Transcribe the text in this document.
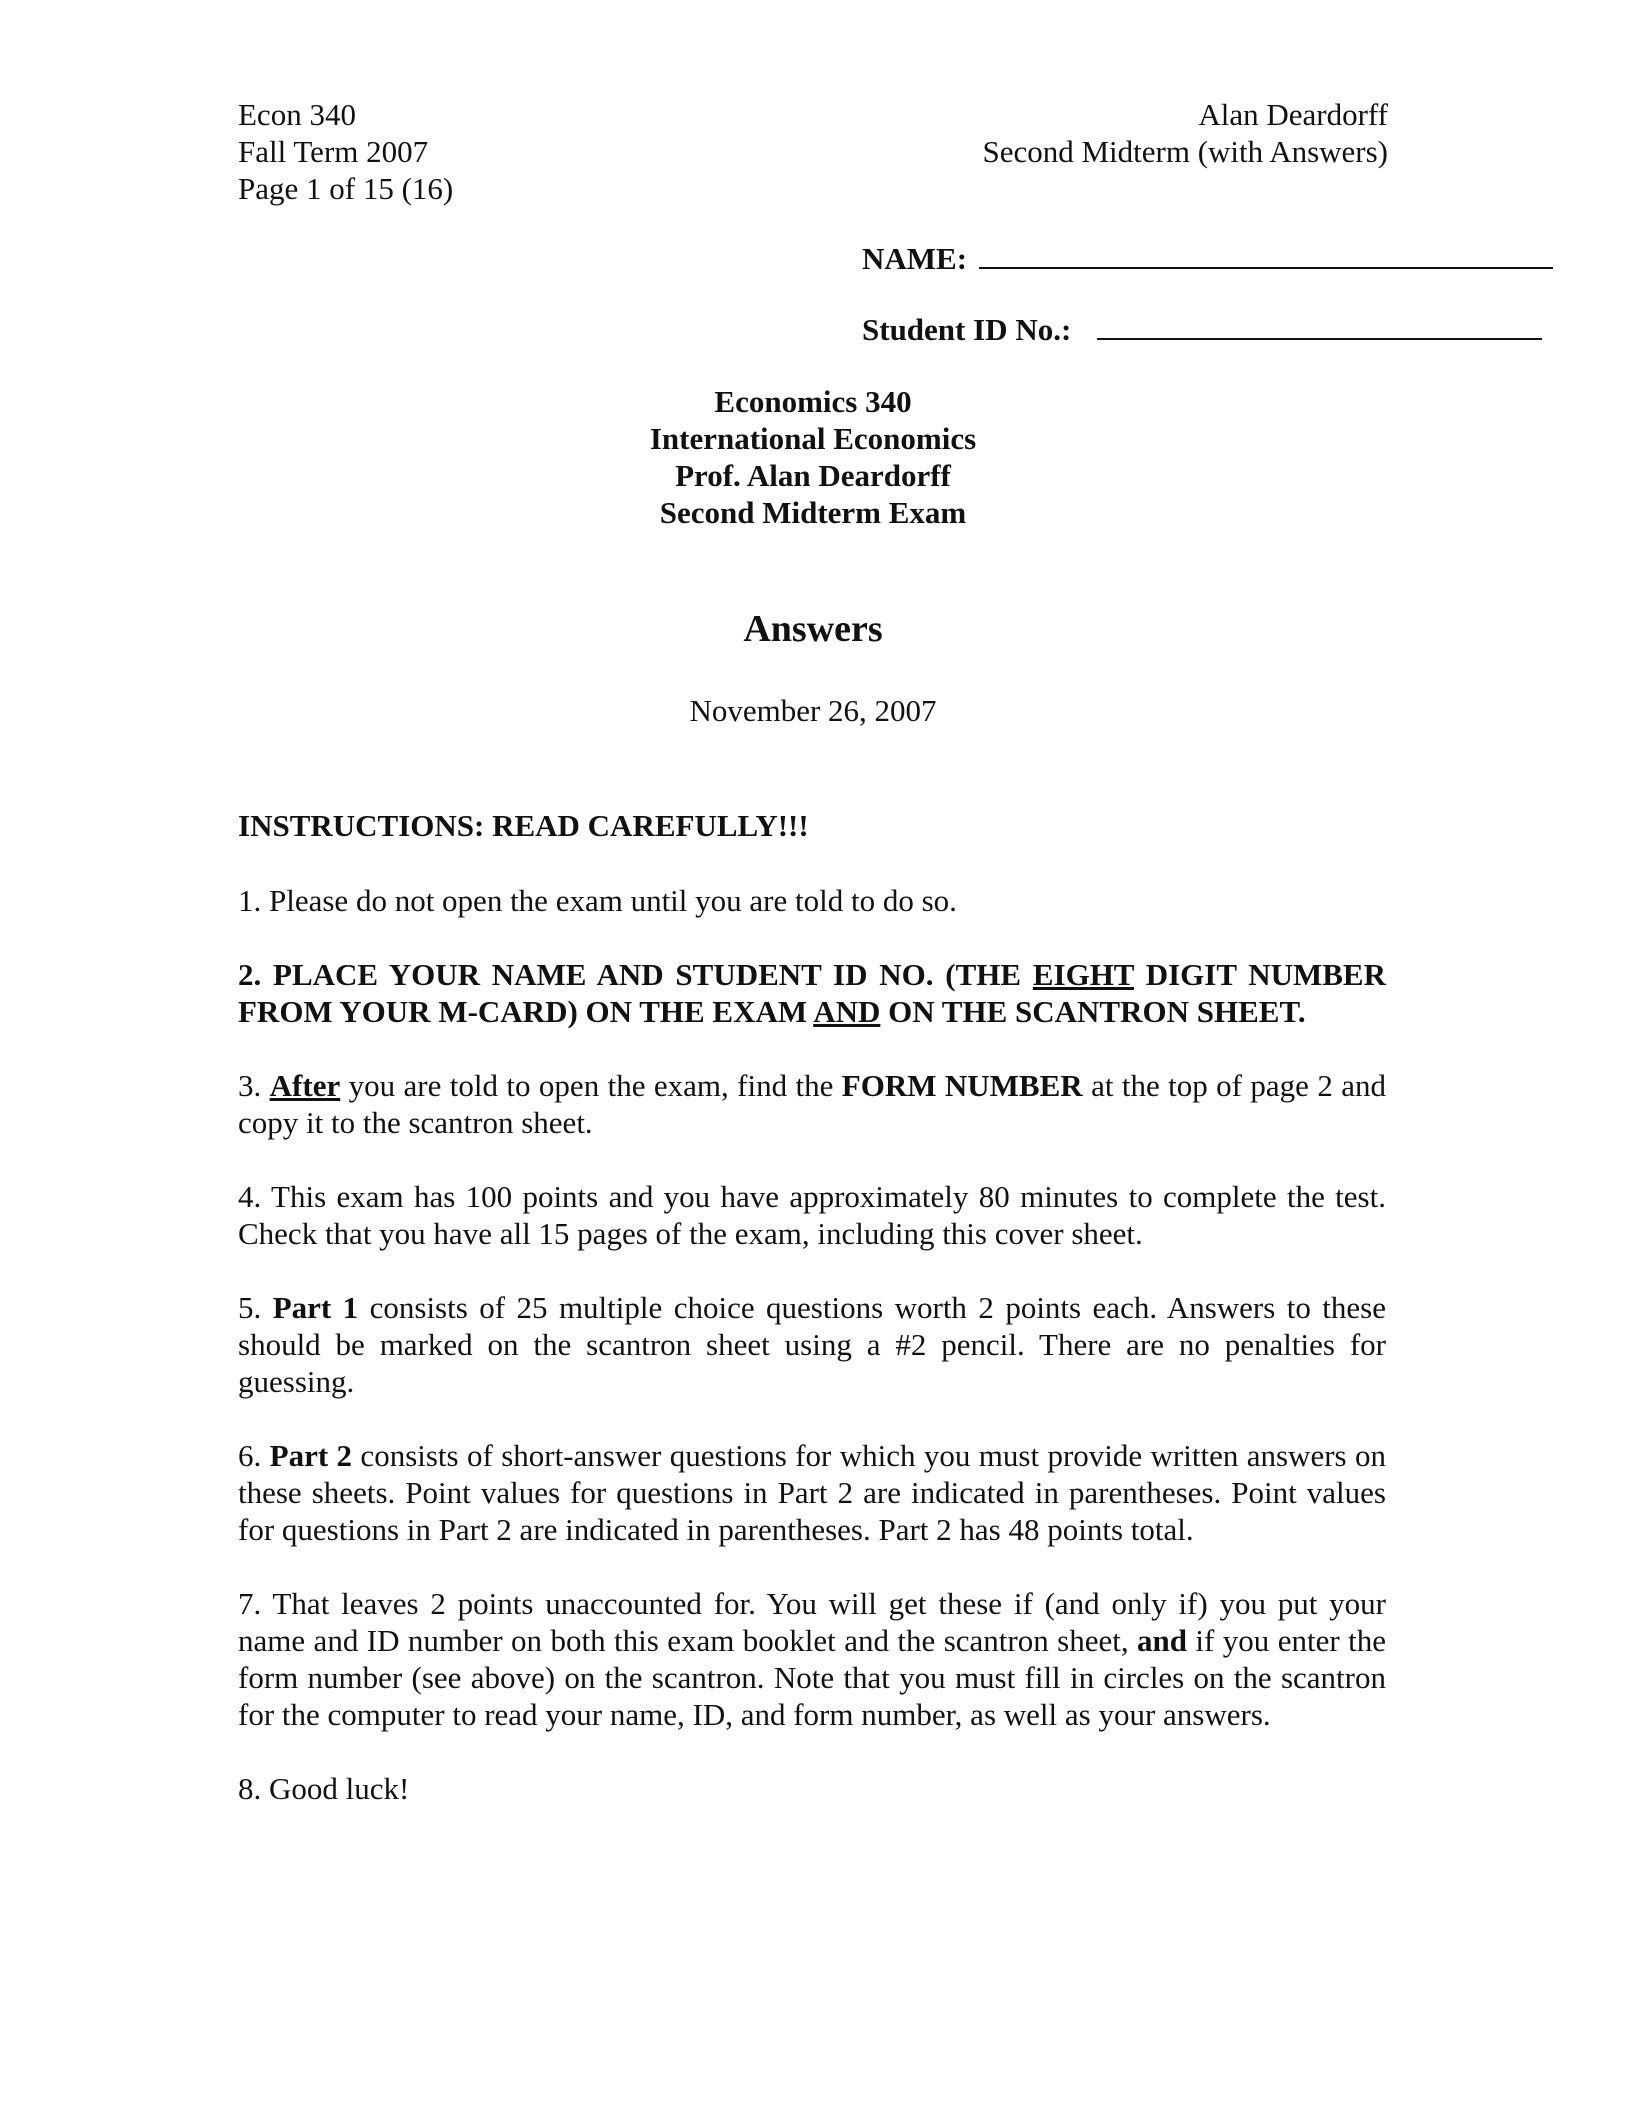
Econ 340
Fall Term 2007
Page 1 of 15 (16)
Alan Deardorff
Second Midterm (with Answers)
NAME:
Student ID No.:
Economics 340
International Economics
Prof. Alan Deardorff
Second Midterm Exam
Answers
November 26, 2007

INSTRUCTIONS: READ CAREFULLY!!!

1. Please do not open the exam until you are told to do so.

2. PLACE YOUR NAME AND STUDENT ID NO. (THE EIGHT DIGIT NUMBER FROM YOUR M-CARD) ON THE EXAM AND ON THE SCANTRON SHEET.

3. After you are told to open the exam, find the FORM NUMBER at the top of page 2 and copy it to the scantron sheet.

4. This exam has 100 points and you have approximately 80 minutes to complete the test. Check that you have all 15 pages of the exam, including this cover sheet.

5. Part 1 consists of 25 multiple choice questions worth 2 points each. Answers to these should be marked on the scantron sheet using a #2 pencil. There are no penalties for guessing.

6. Part 2 consists of short-answer questions for which you must provide written answers on these sheets. Point values for questions in Part 2 are indicated in parentheses. Point values for questions in Part 2 are indicated in parentheses. Part 2 has 48 points total.

7. That leaves 2 points unaccounted for. You will get these if (and only if) you put your name and ID number on both this exam booklet and the scantron sheet, and if you enter the form number (see above) on the scantron. Note that you must fill in circles on the scantron for the computer to read your name, ID, and form number, as well as your answers.

8. Good luck!
